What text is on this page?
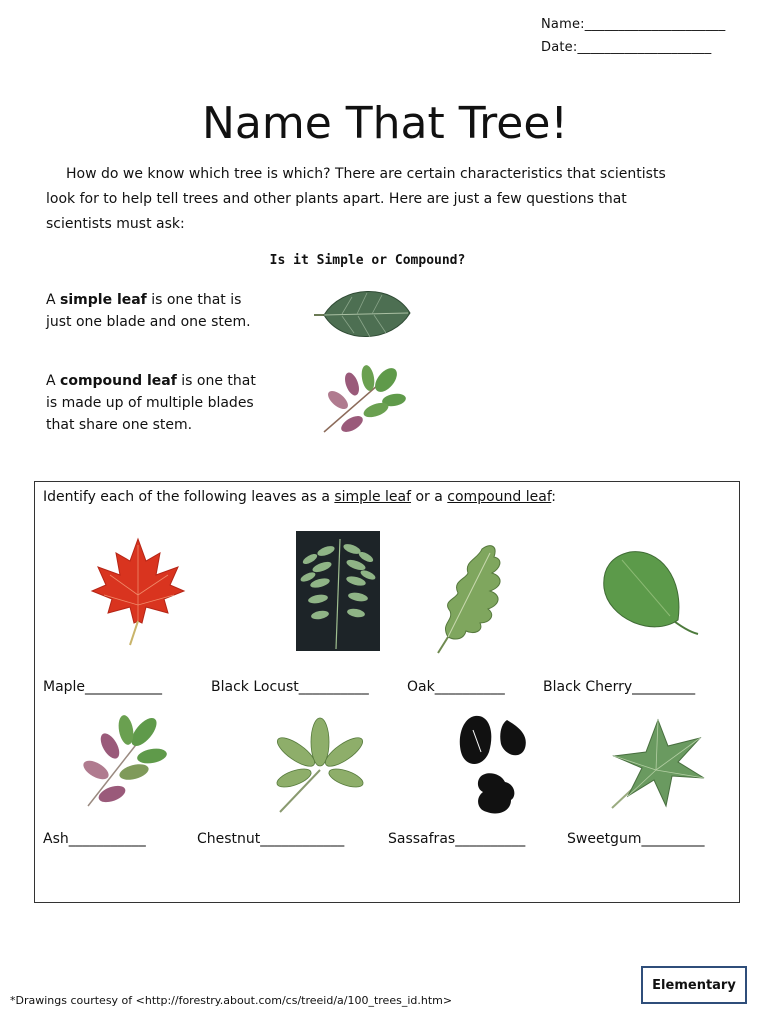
Name:_____________________
Date:____________________
Name That Tree!
How do we know which tree is which? There are certain characteristics that scientists look for to help tell trees and other plants apart. Here are just a few questions that scientists must ask:
Is it Simple or Compound?
A simple leaf is one that is just one blade and one stem.
A compound leaf is one that is made up of multiple blades that share one stem.
Identify each of the following leaves as a simple leaf or a compound leaf:
Maple___________	Black Locust__________	Oak__________	Black Cherry_________
Ash___________	Chestnut____________	Sassafras__________	Sweetgum_________
Elementary
*Drawings courtesy of <http://forestry.about.com/cs/treeid/a/100_trees_id.htm>
